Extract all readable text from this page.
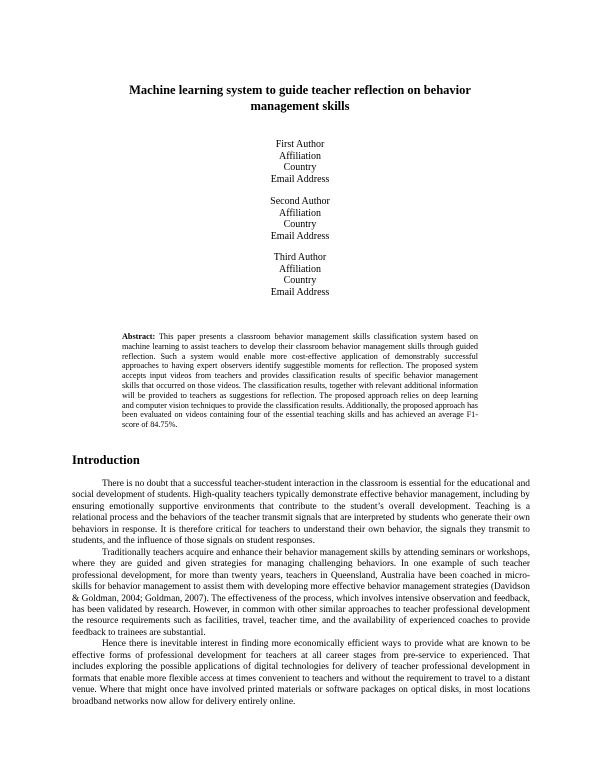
Machine learning system to guide teacher reflection on behavior management skills
First Author
Affiliation
Country
Email Address
Second Author
Affiliation
Country
Email Address
Third Author
Affiliation
Country
Email Address
Abstract: This paper presents a classroom behavior management skills classification system based on machine learning to assist teachers to develop their classroom behavior management skills through guided reflection. Such a system would enable more cost-effective application of demonstrably successful approaches to having expert observers identify suggestible moments for reflection. The proposed system accepts input videos from teachers and provides classification results of specific behavior management skills that occurred on those videos. The classification results, together with relevant additional information will be provided to teachers as suggestions for reflection. The proposed approach relies on deep learning and computer vision techniques to provide the classification results. Additionally, the proposed approach has been evaluated on videos containing four of the essential teaching skills and has achieved an average F1-score of 84.75%.
Introduction

There is no doubt that a successful teacher-student interaction in the classroom is essential for the educational and social development of students. High-quality teachers typically demonstrate effective behavior management, including by ensuring emotionally supportive environments that contribute to the student’s overall development. Teaching is a relational process and the behaviors of the teacher transmit signals that are interpreted by students who generate their own behaviors in response. It is therefore critical for teachers to understand their own behavior, the signals they transmit to students, and the influence of those signals on student responses.

Traditionally teachers acquire and enhance their behavior management skills by attending seminars or workshops, where they are guided and given strategies for managing challenging behaviors. In one example of such teacher professional development, for more than twenty years, teachers in Queensland, Australia have been coached in micro-skills for behavior management to assist them with developing more effective behavior management strategies (Davidson & Goldman, 2004; Goldman, 2007). The effectiveness of the process, which involves intensive observation and feedback, has been validated by research. However, in common with other similar approaches to teacher professional development the resource requirements such as facilities, travel, teacher time, and the availability of experienced coaches to provide feedback to trainees are substantial.

Hence there is inevitable interest in finding more economically efficient ways to provide what are known to be effective forms of professional development for teachers at all career stages from pre-service to experienced. That includes exploring the possible applications of digital technologies for delivery of teacher professional development in formats that enable more flexible access at times convenient to teachers and without the requirement to travel to a distant venue. Where that might once have involved printed materials or software packages on optical disks, in most locations broadband networks now allow for delivery entirely online.
